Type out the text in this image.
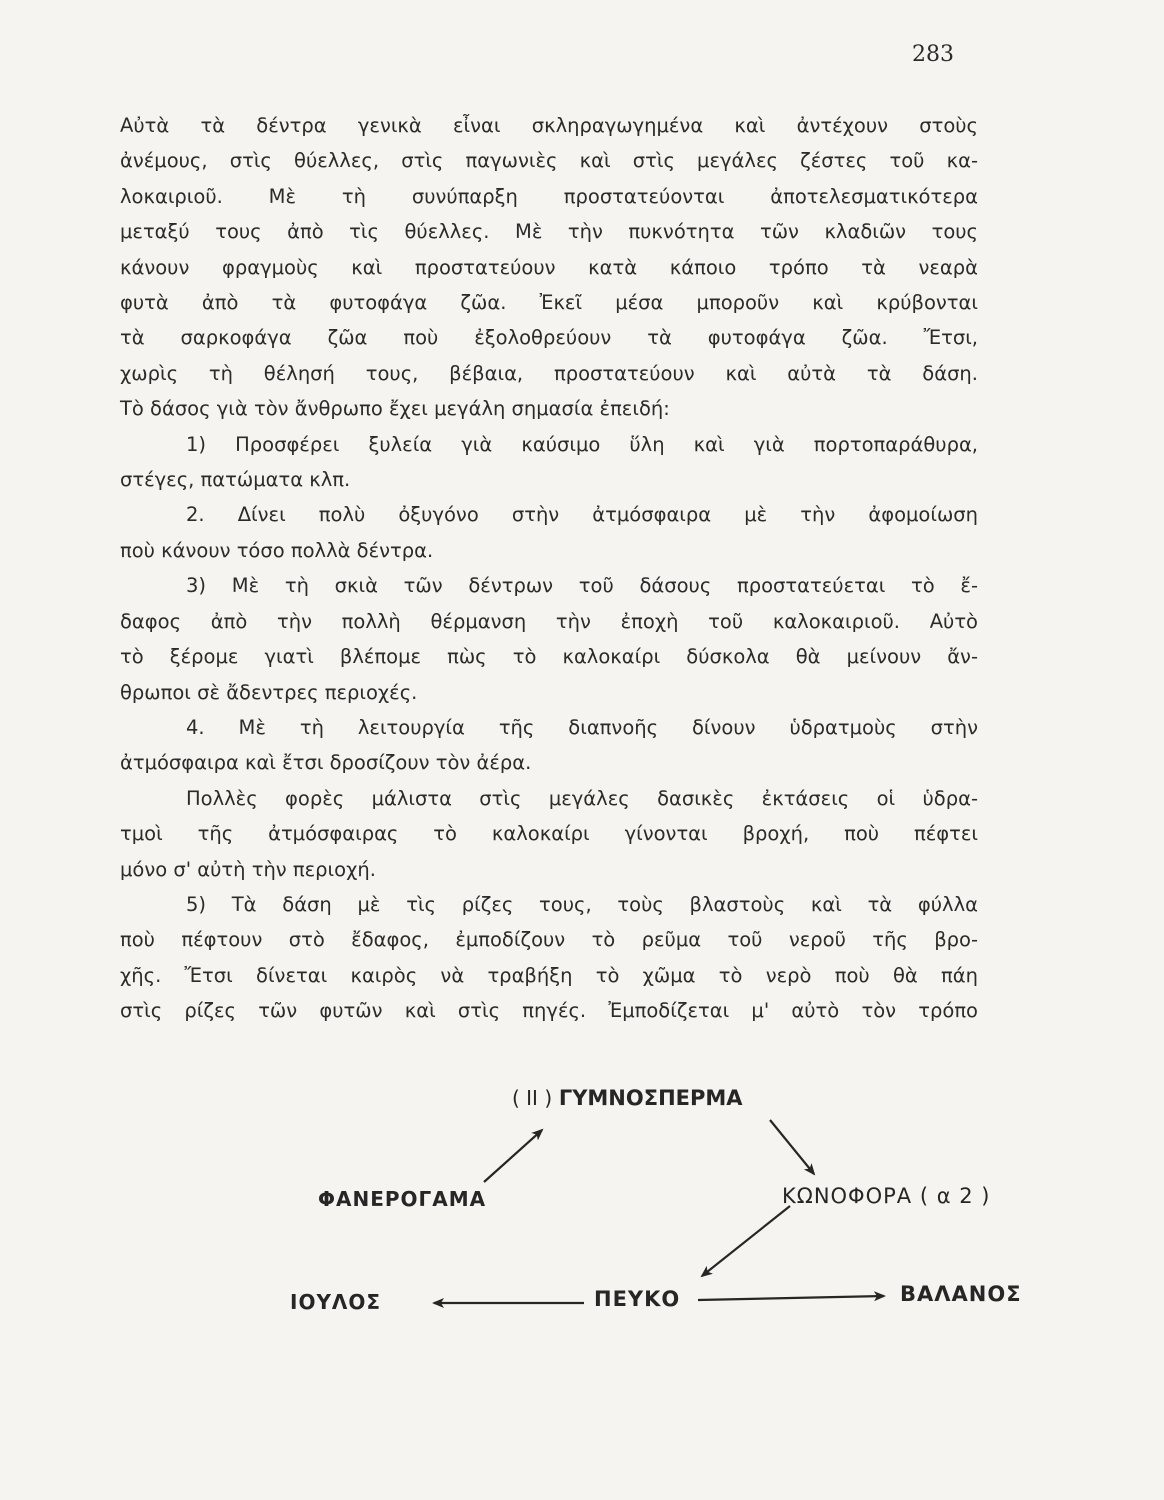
283
Αὐτὰ τὰ δέντρα γενικὰ εἶναι σκληραγωγημένα καὶ ἀντέχουν στοὺς
ἀνέμους, στὶς θύελλες, στὶς παγωνιὲς καὶ στὶς μεγάλες ζέστες τοῦ κα-
λοκαιριοῦ. Μὲ τὴ συνύπαρξη προστατεύονται ἀποτελεσματικότερα
μεταξύ τους ἀπὸ τὶς θύελλες. Μὲ τὴν πυκνότητα τῶν κλαδιῶν τους
κάνουν φραγμοὺς καὶ προστατεύουν κατὰ κάποιο τρόπο τὰ νεαρὰ
φυτὰ ἀπὸ τὰ φυτοφάγα ζῶα. Ἐκεῖ μέσα μποροῦν καὶ κρύβονται
τὰ σαρκοφάγα ζῶα ποὺ ἐξολοθρεύουν τὰ φυτοφάγα ζῶα. Ἔτσι,
χωρὶς τὴ θέλησή τους, βέβαια, προστατεύουν καὶ αὐτὰ τὰ δάση.
Τὸ δάσος γιὰ τὸν ἄνθρωπο ἔχει μεγάλη σημασία ἐπειδή:
1) Προσφέρει ξυλεία γιὰ καύσιμο ὕλη καὶ γιὰ πορτοπαράθυρα,
στέγες, πατώματα κλπ.
2. Δίνει πολὺ ὀξυγόνο στὴν ἀτμόσφαιρα μὲ τὴν ἀφομοίωση
ποὺ κάνουν τόσο πολλὰ δέντρα.
3) Μὲ τὴ σκιὰ τῶν δέντρων τοῦ δάσους προστατεύεται τὸ ἔ-
δαφος ἀπὸ τὴν πολλὴ θέρμανση τὴν ἐποχὴ τοῦ καλοκαιριοῦ. Αὐτὸ
τὸ ξέρομε γιατὶ βλέπομε πὼς τὸ καλοκαίρι δύσκολα θὰ μείνουν ἄν-
θρωποι σὲ ἄδεντρες περιοχές.
4. Μὲ τὴ λειτουργία τῆς διαπνοῆς δίνουν ὑδρατμοὺς στὴν
ἀτμόσφαιρα καὶ ἔτσι δροσίζουν τὸν ἀέρα.
Πολλὲς φορὲς μάλιστα στὶς μεγάλες δασικὲς ἐκτάσεις οἱ ὑδρα-
τμοὶ τῆς ἀτμόσφαιρας τὸ καλοκαίρι γίνονται βροχή, ποὺ πέφτει
μόνο σ' αὐτὴ τὴν περιοχή.
5) Τὰ δάση μὲ τὶς ρίζες τους, τοὺς βλαστοὺς καὶ τὰ φύλλα
ποὺ πέφτουν στὸ ἔδαφος, ἐμποδίζουν τὸ ρεῦμα τοῦ νεροῦ τῆς βρο-
χῆς. Ἔτσι δίνεται καιρὸς νὰ τραβήξη τὸ χῶμα τὸ νερὸ ποὺ θὰ πάη
στὶς ρίζες τῶν φυτῶν καὶ στὶς πηγές. Ἐμποδίζεται μ' αὐτὸ τὸν τρόπο
( II ) ΓΥΜΝΟΣΠΕΡΜΑ
ΦΑΝΕΡΟΓΑΜΑ	ΚΩΝΟΦΟΡΑ ( α 2 )
ΠΕΥΚΟ
ΙΟΥΛΟΣ	ΒΑΛΑΝΟΣ
